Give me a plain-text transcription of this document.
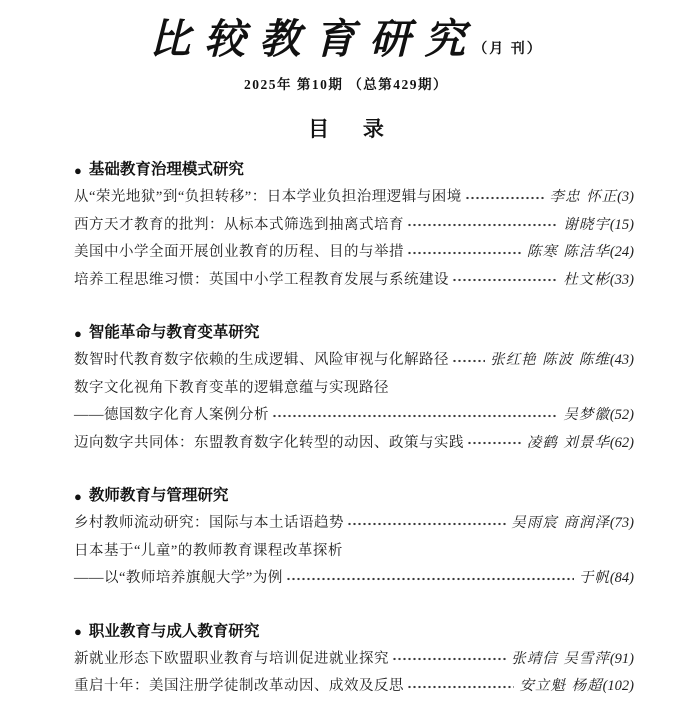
比较教育研究（月 刊）
2025年 第10期 （总第429期）
目 录
● 基础教育治理模式研究
从“荣光地狱”到“负担转移”：日本学业负担治理逻辑与困境	李忠 怀正 (3)
西方天才教育的批判：从标本式筛选到抽离式培育	谢晓宇 (15)
美国中小学全面开展创业教育的历程、目的与举措	陈寒 陈洁华 (24)
培养工程思维习惯：英国中小学工程教育发展与系统建设	杜文彬 (33)
● 智能革命与教育变革研究
数智时代教育数字依赖的生成逻辑、风险审视与化解路径	张红艳 陈波 陈维 (43)
数字文化视角下教育变革的逻辑意蕴与实现路径
——德国数字化育人案例分析	吴梦徽 (52)
迈向数字共同体：东盟教育数字化转型的动因、政策与实践	凌鹤 刘景华 (62)
● 教师教育与管理研究
乡村教师流动研究：国际与本土话语趋势	吴雨宸 商润泽 (73)
日本基于“儿童”的教师教育课程改革探析
——以“教师培养旗舰大学”为例	于帆 (84)
● 职业教育与成人教育研究
新就业形态下欧盟职业教育与培训促进就业探究	张靖信 吴雪萍 (91)
重启十年：美国注册学徒制改革动因、成效及反思	安立魁 杨超 (102)
